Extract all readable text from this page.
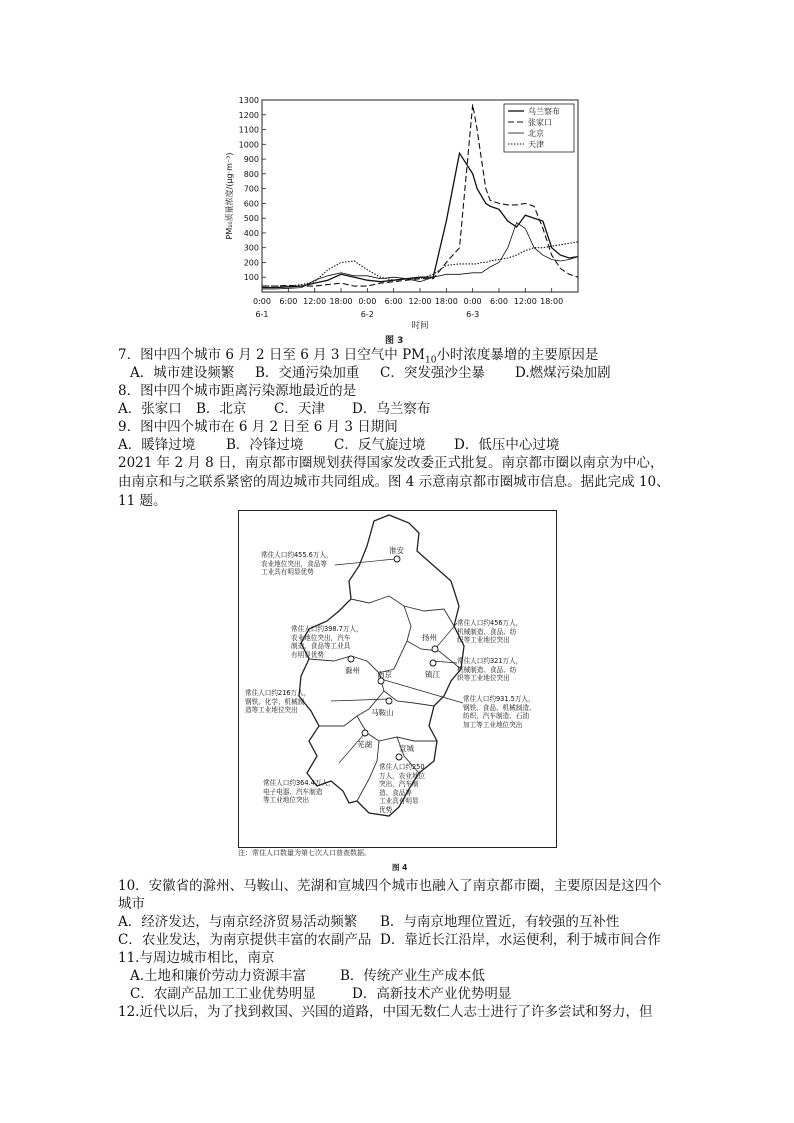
100
200
300
400
500
600
700
800
900
1000
1100
1200
1300
0:00 6:00 12:00 18:00 0:00 6:00 12:00 18:00 0:00 6:00 12:00 18:00
6-1	6-2	6-3
时间
PM₁₀质量浓度/(μg·m⁻³)
乌兰察布
张家口
北京
天津
图 3
7．图中四个城市 6 月 2 日至 6 月 3 日空气中 $PM_{10}$小时浓度暴增的主要原因是
A．城市建设频繁 B．交通污染加重 C．突发强沙尘暴 D.燃煤污染加剧
8．图中四个城市距离污染源地最近的是
A．张家口 B．北京 C．天津 D．乌兰察布
9．图中四个城市在 6 月 2 日至 6 月 3 日期间
A．暖锋过境 B．冷锋过境 C．反气旋过境 D．低压中心过境
2021 年 2 月 8 日，南京都市圈规划获得国家发改委正式批复。南京都市圈以南京为中心，
由南京和与之联系紧密的周边城市共同组成。图 4 示意南京都市圈城市信息。据此完成 10、
11 题。
淮安
扬州
镇江
滁州 南京
马鞍山
芜湖	宣城
常住人口约455.6万人，
农业地位突出，食品等
工业具有明显优势
常住人口约398.7万人，
农业地位突出，汽车
制造、食品等工业具
有明显优势
常住人口约456万人，
机械制造、食品、纺
织等工业地位突出
常住人口约321万人，
机械制造、食品、纺
织等工业地位突出
常住人口约216万人，
钢铁、化学、机械制
造等工业地位突出
常住人口约931.5万人，
钢铁、食品、机械制造、
纺织、汽车制造、石油
加工等工业地位突出
常住人口约364.4万人，
电子电器、汽车制造
等工业地位突出
常住人口约250
万人，农业地位
突出，汽车制
造、食品等
工业具有明显
优势
注：常住人口数量为第七次人口普查数据。
图 4
10．安徽省的滁州、马鞍山、芜湖和宣城四个城市也融入了南京都市圈，主要原因是这四个
城市
A．经济发达，与南京经济贸易活动频繁 B．与南京地理位置近，有较强的互补性
C．农业发达，为南京提供丰富的农副产品 D．靠近长江沿岸，水运便利，利于城市间合作
11.与周边城市相比，南京
A.土地和廉价劳动力资源丰富	B．传统产业生产成本低
C．农副产品加工工业优势明显	D．高新技术产业优势明显
12.近代以后，为了找到救国、兴国的道路，中国无数仁人志士进行了许多尝试和努力，但
